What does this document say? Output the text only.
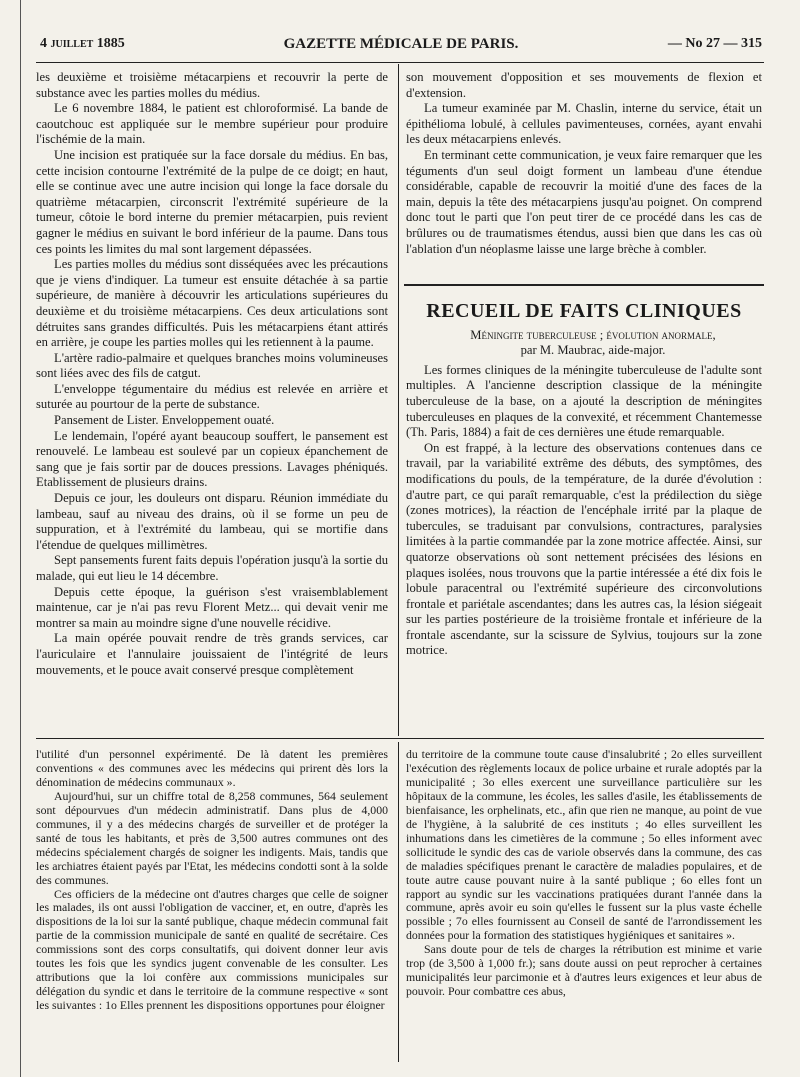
4 juillet 1885	GAZETTE MÉDICALE DE PARIS.	— No 27 — 315

les deuxième et troisième métacarpiens et recouvrir la perte de substance avec les parties molles du médius.

Le 6 novembre 1884, le patient est chloroformisé. La bande de caoutchouc est appliquée sur le membre supérieur pour produire l'ischémie de la main.

Une incision est pratiquée sur la face dorsale du médius. En bas, cette incision contourne l'extrémité de la pulpe de ce doigt; en haut, elle se continue avec une autre incision qui longe la face dorsale du quatrième métacarpien, circonscrit l'extrémité supérieure de la tumeur, côtoie le bord interne du premier métacarpien, puis revient gagner le médius en suivant le bord inférieur de la paume. Dans tous ces points les limites du mal sont largement dépassées.

Les parties molles du médius sont disséquées avec les précautions que je viens d'indiquer. La tumeur est ensuite détachée à sa partie supérieure, de manière à découvrir les articulations supérieures du deuxième et du troisième métacarpiens. Ces deux articulations sont détruites sans grandes difficultés. Puis les métacarpiens étant attirés en arrière, je coupe les parties molles qui les retiennent à la paume.

L'artère radio-palmaire et quelques branches moins volumineuses sont liées avec des fils de catgut.

L'enveloppe tégumentaire du médius est relevée en arrière et suturée au pourtour de la perte de substance.

Pansement de Lister. Enveloppement ouaté.

Le lendemain, l'opéré ayant beaucoup souffert, le pansement est renouvelé. Le lambeau est soulevé par un copieux épanchement de sang que je fais sortir par de douces pressions. Lavages phéniqués. Etablissement de plusieurs drains.

Depuis ce jour, les douleurs ont disparu. Réunion immédiate du lambeau, sauf au niveau des drains, où il se forme un peu de suppuration, et à l'extrémité du lambeau, qui se mortifie dans l'étendue de quelques millimètres.

Sept pansements furent faits depuis l'opération jusqu'à la sortie du malade, qui eut lieu le 14 décembre.

Depuis cette époque, la guérison s'est vraisemblablement maintenue, car je n'ai pas revu Florent Metz... qui devait venir me montrer sa main au moindre signe d'une nouvelle récidive.

La main opérée pouvait rendre de très grands services, car l'auriculaire et l'annulaire jouissaient de l'intégrité de leurs mouvements, et le pouce avait conservé presque complètement

son mouvement d'opposition et ses mouvements de flexion et d'extension.

La tumeur examinée par M. Chaslin, interne du service, était un épithélioma lobulé, à cellules pavimenteuses, cornées, ayant envahi les deux métacarpiens enlevés.

En terminant cette communication, je veux faire remarquer que les téguments d'un seul doigt forment un lambeau d'une étendue considérable, capable de recouvrir la moitié d'une des faces de la main, depuis la tête des métacarpiens jusqu'au poignet. On comprend donc tout le parti que l'on peut tirer de ce procédé dans les cas de brûlures ou de traumatismes étendus, aussi bien que dans les cas où l'ablation d'un néoplasme laisse une large brèche à combler.

RECUEIL DE FAITS CLINIQUES

Méningite tuberculeuse ; évolution anormale,

par M. Maubrac, aide-major.

Les formes cliniques de la méningite tuberculeuse de l'adulte sont multiples. A l'ancienne description classique de la méningite tuberculeuse de la base, on a ajouté la description de méningites tuberculeuses en plaques de la convexité, et récemment Chantemesse (Th. Paris, 1884) a fait de ces dernières une étude remarquable.

On est frappé, à la lecture des observations contenues dans ce travail, par la variabilité extrême des débuts, des symptômes, des modifications du pouls, de la température, de la durée d'évolution : d'autre part, ce qui paraît remarquable, c'est la prédilection du siège (zones motrices), la réaction de l'encéphale irrité par la plaque de tubercules, se traduisant par convulsions, contractures, paralysies limitées à la partie commandée par la zone motrice affectée. Ainsi, sur quatorze observations où sont nettement précisées des lésions en plaques isolées, nous trouvons que la partie intéressée a été dix fois le lobule paracentral ou l'extrémité supérieure des circonvolutions frontale et pariétale ascendantes; dans les autres cas, la lésion siégeait sur les parties postérieure de la troisième frontale et inférieure de la frontale ascendante, sur la scissure de Sylvius, toujours sur la zone motrice.

l'utilité d'un personnel expérimenté. De là datent les premières conventions « des communes avec les médecins qui prirent dès lors la dénomination de médecins communaux ».

Aujourd'hui, sur un chiffre total de 8,258 communes, 564 seulement sont dépourvues d'un médecin administratif. Dans plus de 4,000 communes, il y a des médecins chargés de surveiller et de protéger la santé de tous les habitants, et près de 3,500 autres communes ont des médecins spécialement chargés de soigner les indigents. Mais, tandis que les archiatres étaient payés par l'Etat, les médecins condotti sont à la solde des communes.

Ces officiers de la médecine ont d'autres charges que celle de soigner les malades, ils ont aussi l'obligation de vacciner, et, en outre, d'après les dispositions de la loi sur la santé publique, chaque médecin communal fait partie de la commission municipale de santé en qualité de secrétaire. Ces commissions sont des corps consultatifs, qui doivent donner leur avis toutes les fois que les syndics jugent convenable de les consulter. Les attributions que la loi confère aux commissions municipales sur délégation du syndic et dans le territoire de la commune respective « sont les suivantes : 1o Elles prennent les dispositions opportunes pour éloigner

du territoire de la commune toute cause d'insalubrité ; 2o elles surveillent l'exécution des règlements locaux de police urbaine et rurale adoptés par la municipalité ; 3o elles exercent une surveillance particulière sur les hôpitaux de la commune, les écoles, les salles d'asile, les établissements de bienfaisance, les orphelinats, etc., afin que rien ne manque, au point de vue de l'hygiène, à la salubrité de ces instituts ; 4o elles surveillent les inhumations dans les cimetières de la commune ; 5o elles informent avec sollicitude le syndic des cas de variole observés dans la commune, des cas de maladies spécifiques prenant le caractère de maladies populaires, et de toute autre cause pouvant nuire à la santé publique ; 6o elles font un rapport au syndic sur les vaccinations pratiquées durant l'année dans la commune, après avoir eu soin qu'elles le fussent sur la plus vaste échelle possible ; 7o elles fournissent au Conseil de santé de l'arrondissement les données pour la formation des statistiques hygiéniques et sanitaires ».

Sans doute pour de tels de charges la rétribution est minime et varie trop (de 3,500 à 1,000 fr.); sans doute aussi on peut reprocher à certaines municipalités leur parcimonie et à d'autres leurs exigences et leur abus de pouvoir. Pour combattre ces abus,
